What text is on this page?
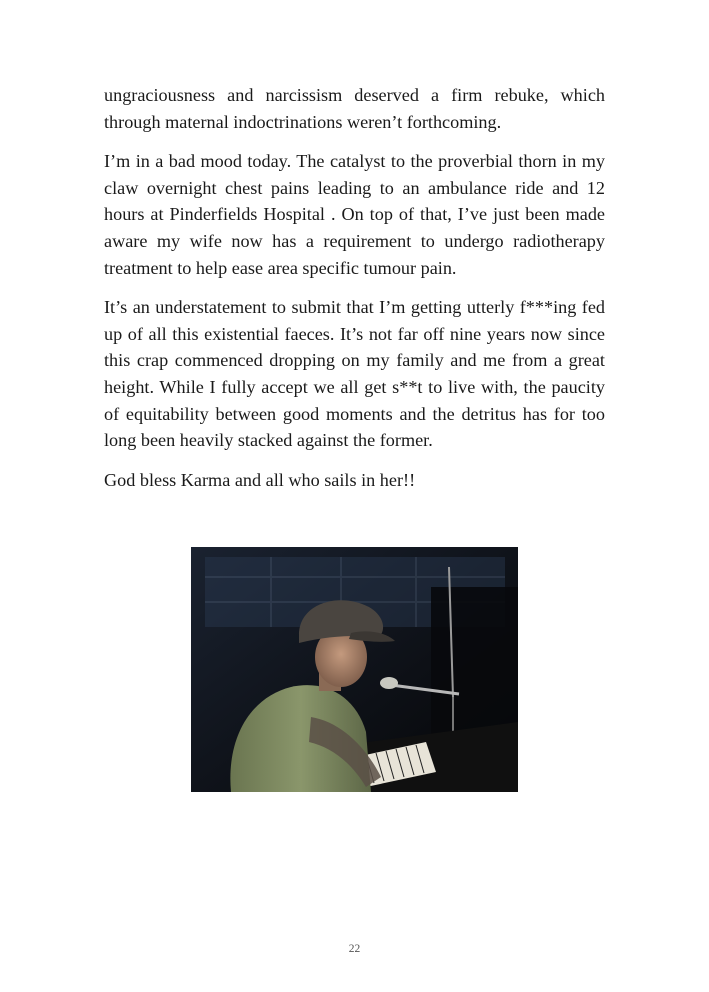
ungraciousness and narcissism deserved a firm rebuke, which through maternal indoctrinations weren’t forthcoming.

I’m in a bad mood today. The catalyst to the proverbial thorn in my claw overnight chest pains leading to an ambulance ride and 12 hours at Pinderfields Hospital . On top of that, I’ve just been made aware my wife now has a requirement to undergo radiotherapy treatment to help ease area specific tumour pain.

It’s an understatement to submit that I’m getting utterly f***ing fed up of all this existential faeces. It’s not far off nine years now since this crap commenced dropping on my family and me from a great height. While I fully accept we all get s**t to live with, the paucity of equitability between good moments and the detritus has for too long been heavily stacked against the former.

God bless Karma and all who sails in her!!

22
